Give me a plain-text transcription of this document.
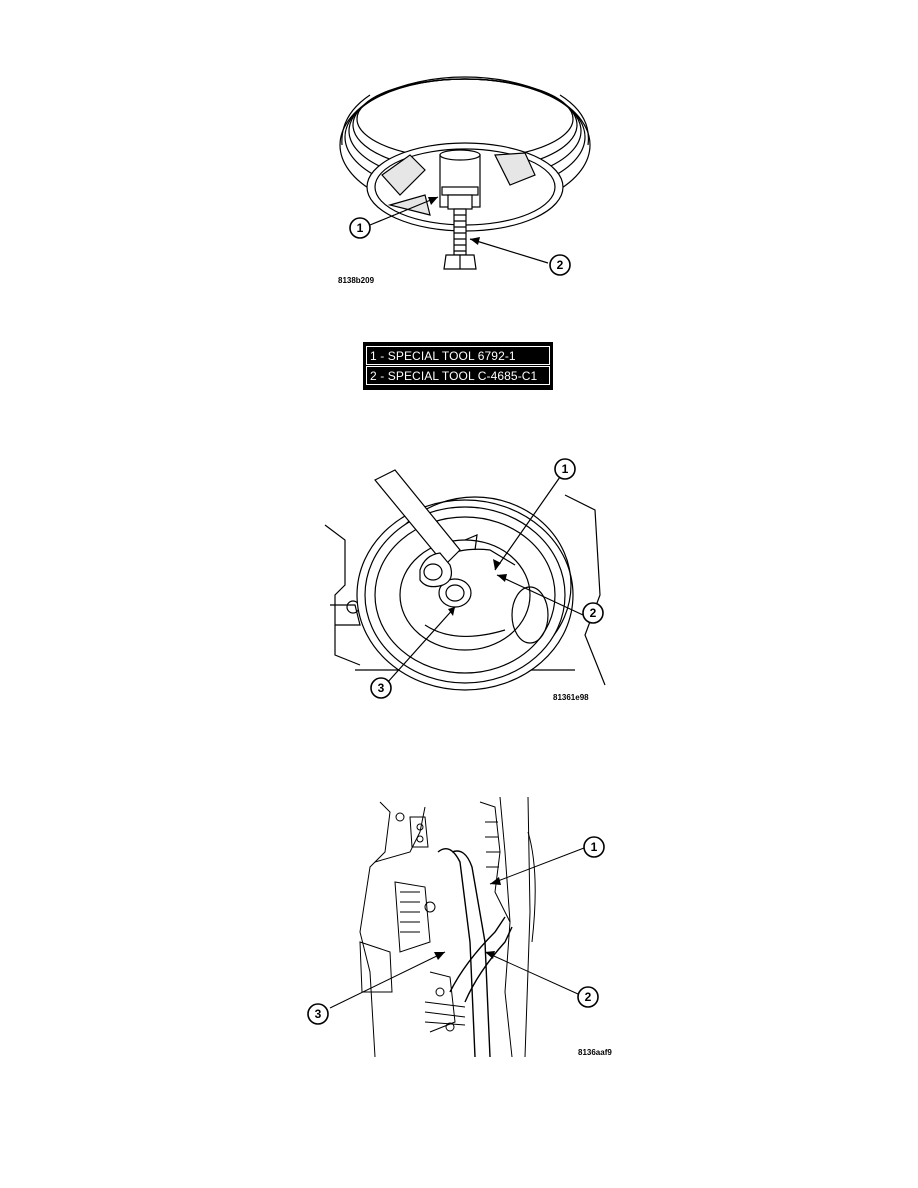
1
2
8138b209
1 - SPECIAL TOOL 6792-1
2 - SPECIAL TOOL C-4685-C1
1
2
3
81361e98
1
2
3
8136aaf9
